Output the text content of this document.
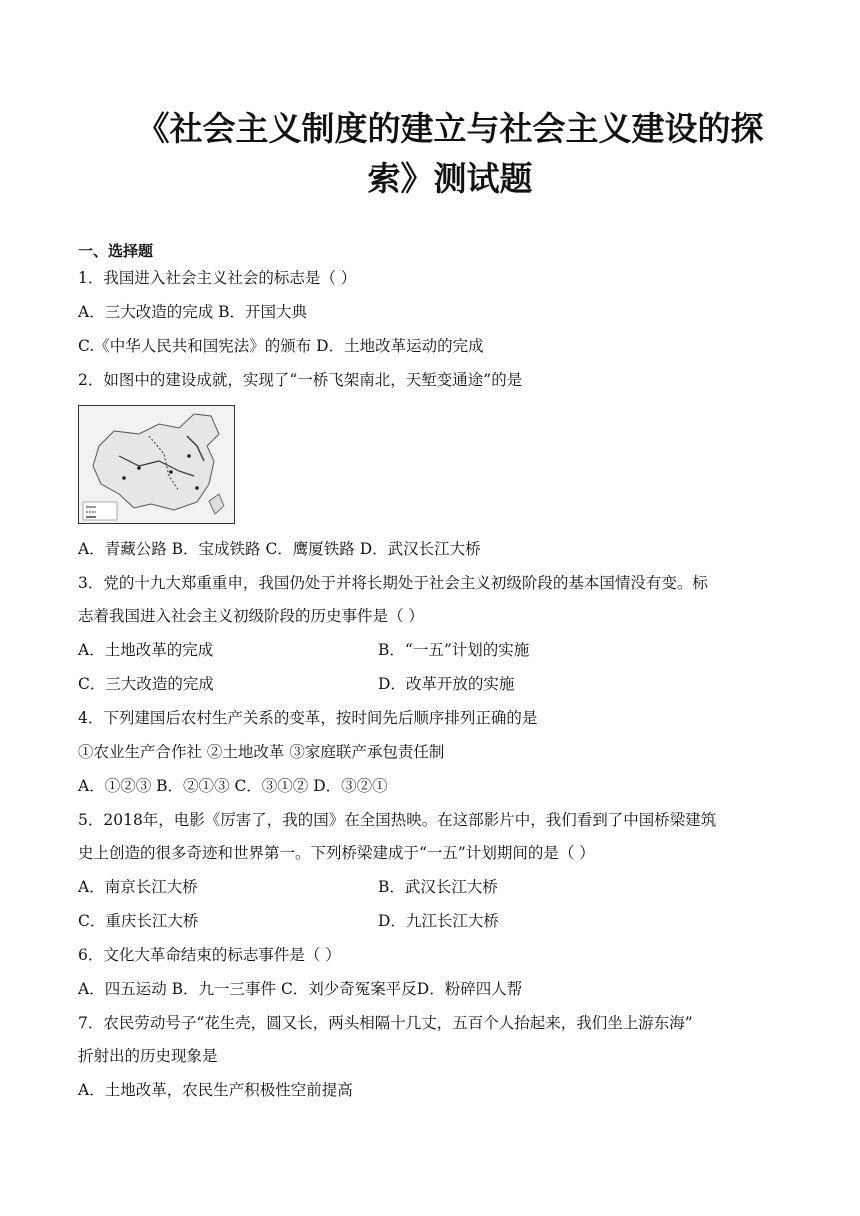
《社会主义制度的建立与社会主义建设的探
索》测试题
一、选择题
1．我国进入社会主义社会的标志是（ ）
A．三大改造的完成 B．开国大典
C.《中华人民共和国宪法》的颁布 D．土地改革运动的完成
2．如图中的建设成就，实现了“一桥飞架南北，天堑变通途”的是
A．青藏公路 B．宝成铁路 C．鹰厦铁路 D．武汉长江大桥
3．党的十九大郑重重申，我国仍处于并将长期处于社会主义初级阶段的基本国情没有变。标
志着我国进入社会主义初级阶段的历史事件是（ ）
A．土地改革的完成	B．“一五”计划的实施
C．三大改造的完成	D．改革开放的实施
4．下列建国后农村生产关系的变革，按时间先后顺序排列正确的是
①农业生产合作社 ②土地改革 ③家庭联产承包责任制
A．①②③ B．②①③ C．③①② D．③②①
5．2018年，电影《厉害了，我的国》在全国热映。在这部影片中，我们看到了中国桥梁建筑
史上创造的很多奇迹和世界第一。下列桥梁建成于“一五”计划期间的是（ ）
A．南京长江大桥	B．武汉长江大桥
C．重庆长江大桥	D．九江长江大桥
6．文化大革命结束的标志事件是（ ）
A．四五运动 B．九一三事件 C．刘少奇冤案平反D．粉碎四人帮
7．农民劳动号子“花生壳，圆又长，两头相隔十几丈，五百个人抬起来，我们坐上游东海”
折射出的历史现象是
A．土地改革，农民生产积极性空前提高
